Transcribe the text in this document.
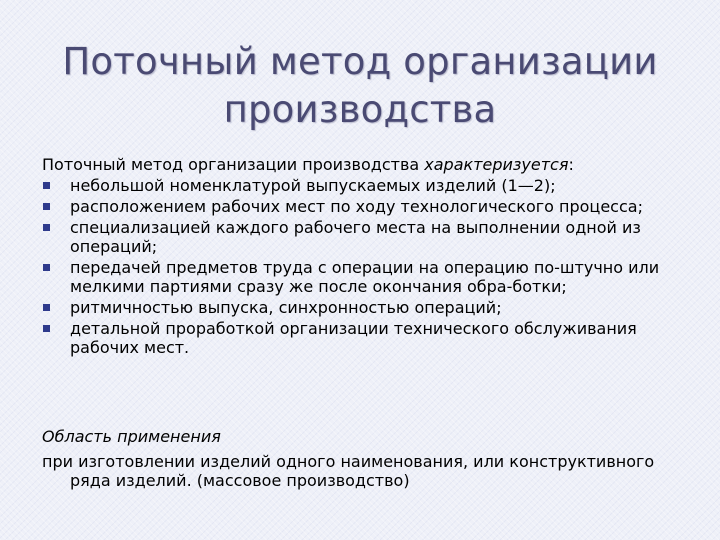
Поточный метод организации производства
Поточный метод организации производства характеризуется:
небольшой номенклатурой выпускаемых изделий (1—2);
расположением рабочих мест по ходу технологического процесса;
специализацией каждого рабочего места на выполнении одной из операций;
передачей предметов труда с операции на операцию по-штучно или мелкими партиями сразу же после окончания обра-ботки;
ритмичностью выпуска, синхронностью операций;
детальной проработкой организации технического обслуживания рабочих мест.
Область применения
при изготовлении изделий одного наименования, или конструктивного ряда изделий. (массовое производство)
